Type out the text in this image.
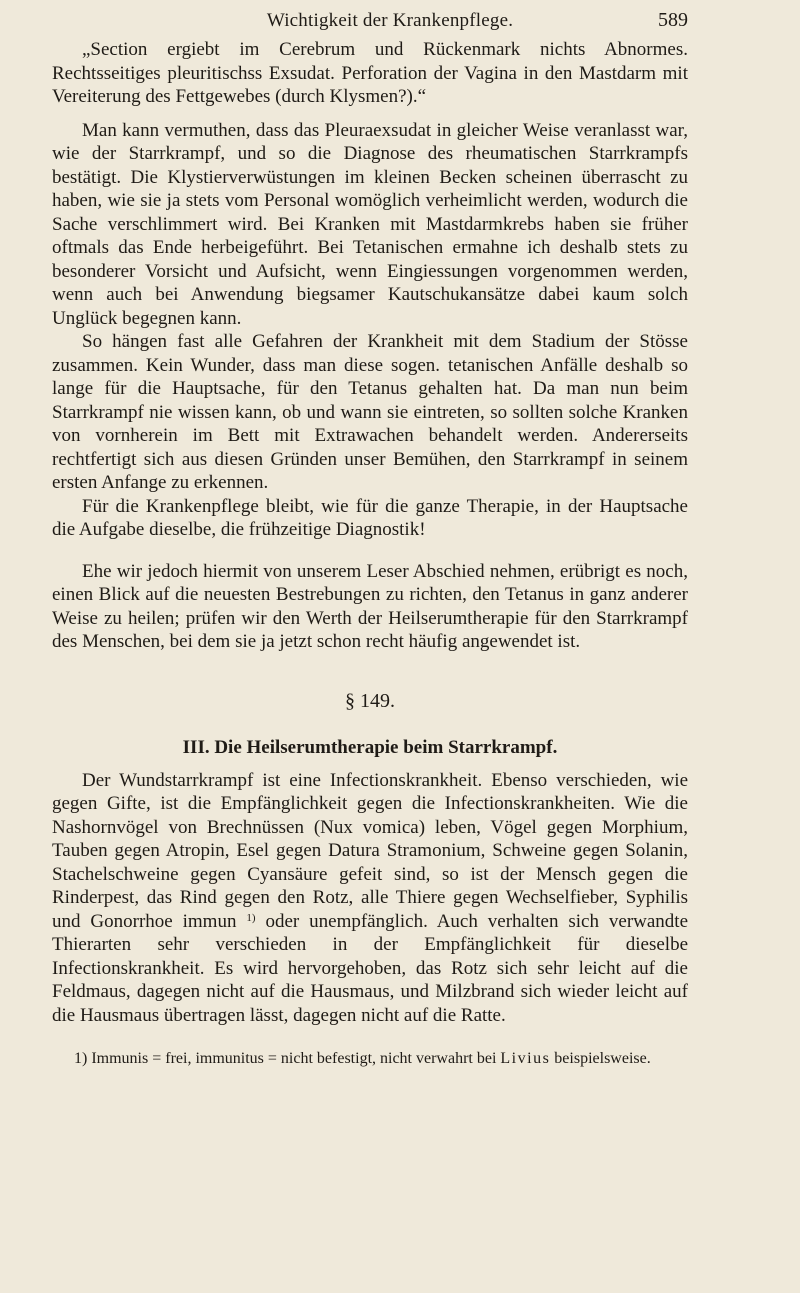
Wichtigkeit der Krankenpflege.	589

„Section ergiebt im Cerebrum und Rückenmark nichts Abnormes. Rechtsseitiges pleuritischss Exsudat. Perforation der Vagina in den Mastdarm mit Vereiterung des Fettgewebes (durch Klysmen?).“

Man kann vermuthen, dass das Pleuraexsudat in gleicher Weise veranlasst war, wie der Starrkrampf, und so die Diagnose des rheumatischen Starrkrampfs bestätigt. Die Klystierverwüstungen im kleinen Becken scheinen überrascht zu haben, wie sie ja stets vom Personal womöglich verheimlicht werden, wodurch die Sache verschlimmert wird. Bei Kranken mit Mastdarmkrebs haben sie früher oftmals das Ende herbeigeführt. Bei Tetanischen ermahne ich deshalb stets zu besonderer Vorsicht und Aufsicht, wenn Eingiessungen vorgenommen werden, wenn auch bei Anwendung biegsamer Kautschukansätze dabei kaum solch Unglück begegnen kann.

So hängen fast alle Gefahren der Krankheit mit dem Stadium der Stösse zusammen. Kein Wunder, dass man diese sogen. tetanischen Anfälle deshalb so lange für die Hauptsache, für den Tetanus gehalten hat. Da man nun beim Starrkrampf nie wissen kann, ob und wann sie eintreten, so sollten solche Kranken von vornherein im Bett mit Extrawachen behandelt werden. Andererseits rechtfertigt sich aus diesen Gründen unser Bemühen, den Starrkrampf in seinem ersten Anfange zu erkennen.

Für die Krankenpflege bleibt, wie für die ganze Therapie, in der Hauptsache die Aufgabe dieselbe, die frühzeitige Diagnostik!

Ehe wir jedoch hiermit von unserem Leser Abschied nehmen, erübrigt es noch, einen Blick auf die neuesten Bestrebungen zu richten, den Tetanus in ganz anderer Weise zu heilen; prüfen wir den Werth der Heilserumtherapie für den Starrkrampf des Menschen, bei dem sie ja jetzt schon recht häufig angewendet ist.

§ 149.
III. Die Heilserumtherapie beim Starrkrampf.

Der Wundstarrkrampf ist eine Infectionskrankheit. Ebenso verschieden, wie gegen Gifte, ist die Empfänglichkeit gegen die Infectionskrankheiten. Wie die Nashornvögel von Brechnüssen (Nux vomica) leben, Vögel gegen Morphium, Tauben gegen Atropin, Esel gegen Datura Stramonium, Schweine gegen Solanin, Stachelschweine gegen Cyansäure gefeit sind, so ist der Mensch gegen die Rinderpest, das Rind gegen den Rotz, alle Thiere gegen Wechselfieber, Syphilis und Gonorrhoe immun $^{1)}$ oder unempfänglich. Auch verhalten sich verwandte Thierarten sehr verschieden in der Empfänglichkeit für dieselbe Infectionskrankheit. Es wird hervorgehoben, das Rotz sich sehr leicht auf die Feldmaus, dagegen nicht auf die Hausmaus, und Milzbrand sich wieder leicht auf die Hausmaus übertragen lässt, dagegen nicht auf die Ratte.

1) Immunis = frei, immunitus = nicht befestigt, nicht verwahrt bei Livius beispielsweise.
